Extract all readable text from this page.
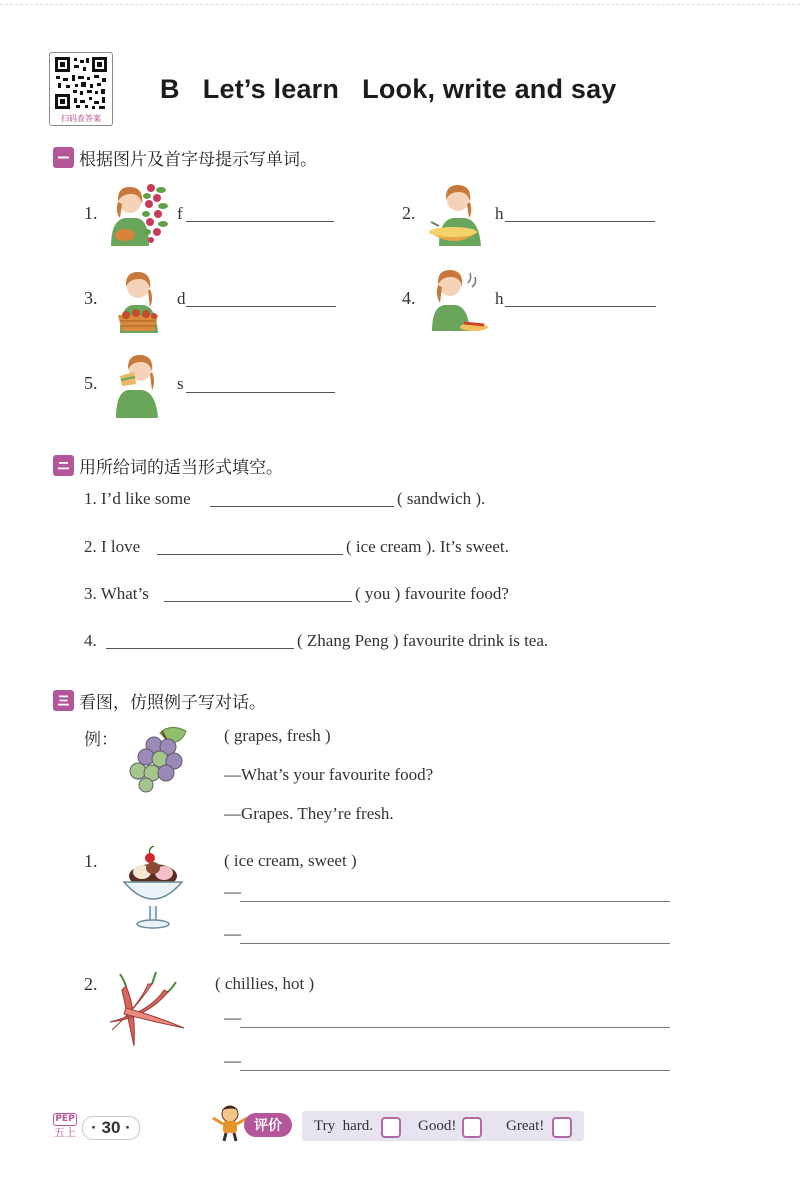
扫码查答案
B   Let’s learn   Look, write and say
根据图片及首字母提示写单词。
1.	f	2.	h
3.	d	4.	h
5.	s
用所给词的适当形式填空。
1. I’d like some	( sandwich ).
2. I love	( ice cream ). It’s sweet.
3. What’s	( you ) favourite food?
4.	( Zhang Peng ) favourite drink is tea.
看图，仿照例子写对话。
例：	( grapes, fresh )
—What’s your favourite food?
—Grapes. They’re fresh.
1.	( ice cream, sweet )
—
—
2.	( chillies, hot )
—
—
PEP
五上 · 30 ·	评价	Try  hard.	Good!	Great!
